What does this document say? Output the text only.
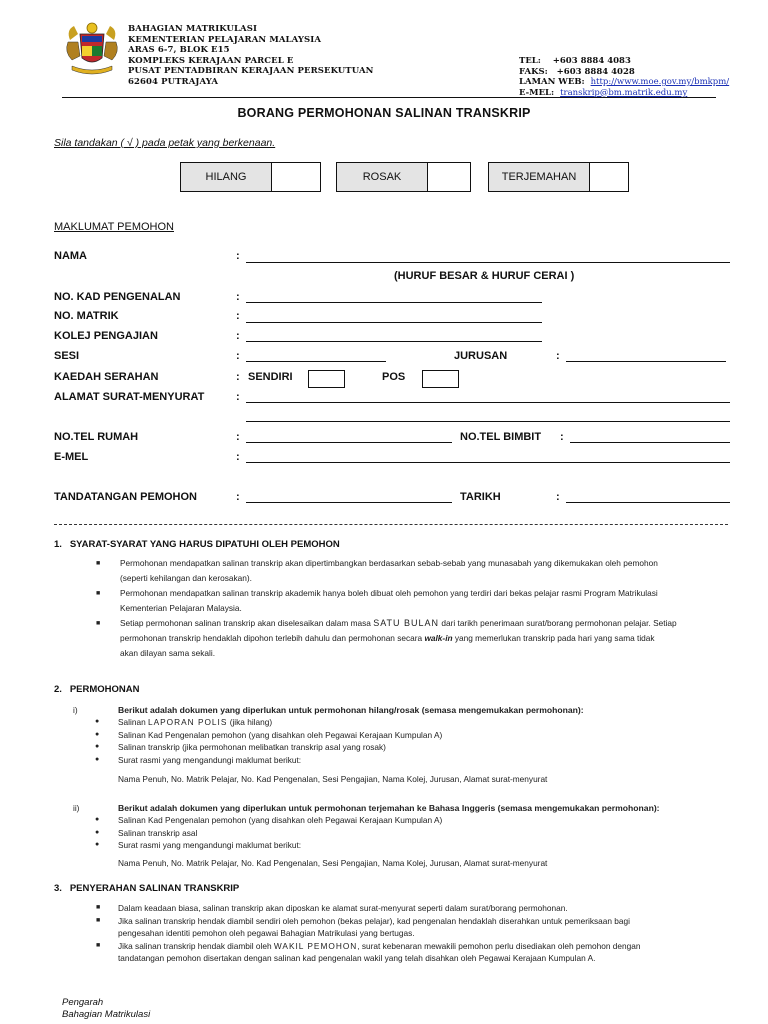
BAHAGIAN MATRIKULASI
KEMENTERIAN PELAJARAN MALAYSIA
ARAS 6-7, BLOK E15
KOMPLEKS KERAJAAN PARCEL E
PUSAT PENTADBIRAN KERAJAAN PERSEKUTUAN
62604 PUTRAJAYA
TEL:    +603 8884 4083
FAKS:   +603 8884 4028
LAMAN WEB: http://www.moe.gov.my/bmkpm/
E-MEL: transkrip@bm.matrik.edu.my
BORANG PERMOHONAN SALINAN TRANSKRIP
Sila tandakan ( √ ) pada petak yang berkenaan.
HILANG	ROSAK	TERJEMAHAN
MAKLUMAT PEMOHON
NAMA	:
(HURUF BESAR & HURUF CERAI )
NO. KAD PENGENALAN	:
NO. MATRIK	:
KOLEJ PENGAJIAN	:
SESI	:	JURUSAN	:
KAEDAH SERAHAN	: SENDIRI	POS
ALAMAT SURAT-MENYURAT	:
NO.TEL RUMAH	:	NO.TEL BIMBIT :
E-MEL	:
TANDATANGAN PEMOHON	:	TARIKH	:
1.   SYARAT-SYARAT YANG HARUS DIPATUHI OLEH PEMOHON
■ Permohonan mendapatkan salinan transkrip akan dipertimbangkan berdasarkan sebab-sebab yang munasabah yang dikemukakan oleh pemohon
(seperti kehilangan dan kerosakan).
■ Permohonan mendapatkan salinan transkrip akademik hanya boleh dibuat oleh pemohon yang terdiri dari bekas pelajar rasmi Program Matrikulasi
Kementerian Pelajaran Malaysia.
■ Setiap permohonan salinan transkrip akan diselesaikan dalam masa SATU BULAN dari tarikh penerimaan surat/borang permohonan pelajar. Setiap
permohonan transkrip hendaklah dipohon terlebih dahulu dan permohonan secara walk-in yang memerlukan transkrip pada hari yang sama tidak
akan dilayan sama sekali.
2.   PERMOHONAN
i)	Berikut adalah dokumen yang diperlukan untuk permohonan hilang/rosak (semasa mengemukakan permohonan):
● Salinan LAPORAN POLIS (jika hilang)
● Salinan Kad Pengenalan pemohon (yang disahkan oleh Pegawai Kerajaan Kumpulan A)
● Salinan transkrip (jika permohonan melibatkan transkrip asal yang rosak)
● Surat rasmi yang mengandungi maklumat berikut:
Nama Penuh, No. Matrik Pelajar, No. Kad Pengenalan, Sesi Pengajian, Nama Kolej, Jurusan, Alamat surat-menyurat
ii)	Berikut adalah dokumen yang diperlukan untuk permohonan terjemahan ke Bahasa Inggeris (semasa mengemukakan permohonan):
● Salinan Kad Pengenalan pemohon (yang disahkan oleh Pegawai Kerajaan Kumpulan A)
● Salinan transkrip asal
● Surat rasmi yang mengandungi maklumat berikut:
Nama Penuh, No. Matrik Pelajar, No. Kad Pengenalan, Sesi Pengajian, Nama Kolej, Jurusan, Alamat surat-menyurat
3.   PENYERAHAN SALINAN TRANSKRIP
■ Dalam keadaan biasa, salinan transkrip akan diposkan ke alamat surat-menyurat seperti dalam surat/borang permohonan.
■ Jika salinan transkrip hendak diambil sendiri oleh pemohon (bekas pelajar), kad pengenalan hendaklah diserahkan untuk pemeriksaan bagi
pengesahan identiti pemohon oleh pegawai Bahagian Matrikulasi yang bertugas.
■ Jika salinan transkrip hendak diambil oleh WAKIL PEMOHON, surat kebenaran mewakili pemohon perlu disediakan oleh pemohon dengan
tandatangan pemohon disertakan dengan salinan kad pengenalan wakil yang telah disahkan oleh Pegawai Kerajaan Kumpulan A.
Pengarah
Bahagian Matrikulasi
